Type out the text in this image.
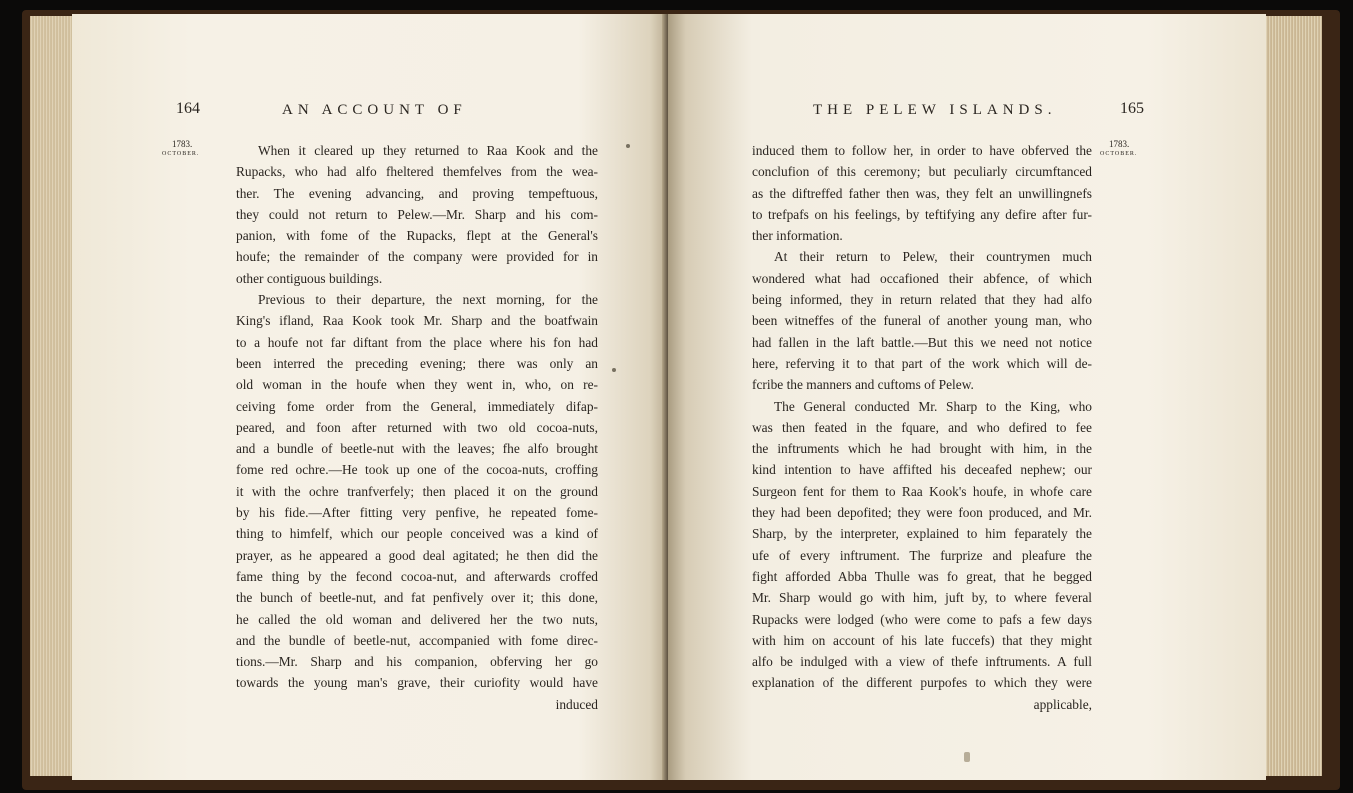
164	AN ACCOUNT OF
1783.
OCTOBER.	When it cleared up they returned to Raa Kook and the

Rupacks, who had alfo fheltered themfelves from the wea-

ther. The evening advancing, and proving tempeftuous,

they could not return to Pelew.—Mr. Sharp and his com-

panion, with fome of the Rupacks, flept at the General's

houfe; the remainder of the company were provided for in

other contiguous buildings.

Previous to their departure, the next morning, for the

King's ifland, Raa Kook took Mr. Sharp and the boatfwain

to a houfe not far diftant from the place where his fon had

been interred the preceding evening; there was only an

old woman in the houfe when they went in, who, on re-

ceiving fome order from the General, immediately difap-

peared, and foon after returned with two old cocoa-nuts,

and a bundle of beetle-nut with the leaves; fhe alfo brought

fome red ochre.—He took up one of the cocoa-nuts, croffing

it with the ochre tranfverfely; then placed it on the ground

by his fide.—After fitting very penfive, he repeated fome-

thing to himfelf, which our people conceived was a kind of

prayer, as he appeared a good deal agitated; he then did the

fame thing by the fecond cocoa-nut, and afterwards croffed

the bunch of beetle-nut, and fat penfively over it; this done,

he called the old woman and delivered her the two nuts,

and the bundle of beetle-nut, accompanied with fome direc-

tions.—Mr. Sharp and his companion, obferving her go

towards the young man's grave, their curiofity would have

induced

THE PELEW ISLANDS.	165
1783.
OCTOBER.

induced them to follow her, in order to have obferved the

conclufion of this ceremony; but peculiarly circumftanced

as the diftreffed father then was, they felt an unwillingnefs

to trefpafs on his feelings, by teftifying any defire after fur-

ther information.

At their return to Pelew, their countrymen much

wondered what had occafioned their abfence, of which

being informed, they in return related that they had alfo

been witneffes of the funeral of another young man, who

had fallen in the laft battle.—But this we need not notice

here, referving it to that part of the work which will de-

fcribe the manners and cuftoms of Pelew.

The General conducted Mr. Sharp to the King, who

was then feated in the fquare, and who defired to fee

the inftruments which he had brought with him, in the

kind intention to have affifted his deceafed nephew; our

Surgeon fent for them to Raa Kook's houfe, in whofe care

they had been depofited; they were foon produced, and Mr.

Sharp, by the interpreter, explained to him feparately the

ufe of every inftrument. The furprize and pleafure the

fight afforded Abba Thulle was fo great, that he begged

Mr. Sharp would go with him, juft by, to where feveral

Rupacks were lodged (who were come to pafs a few days

with him on account of his late fuccefs) that they might

alfo be indulged with a view of thefe inftruments. A full

explanation of the different purpofes to which they were

applicable,
